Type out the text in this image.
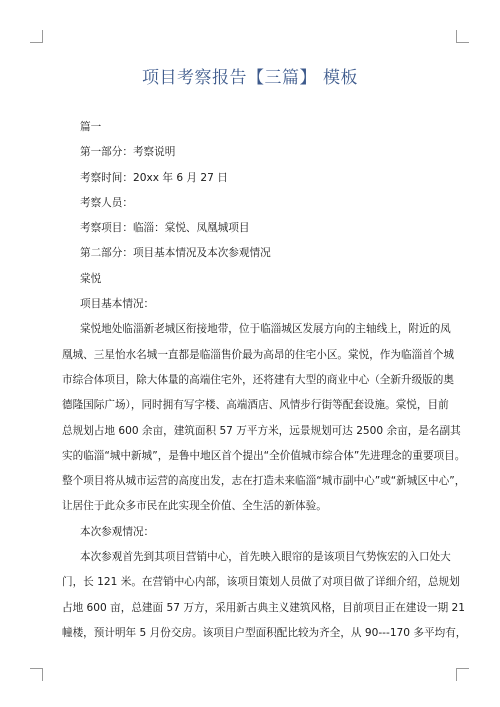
项目考察报告【三篇】 模板

篇一

第一部分：考察说明

考察时间：20xx 年 6 月 27 日

考察人员：

考察项目：临淄：棠悦、凤凰城项目

第二部分：项目基本情况及本次参观情况

棠悦

项目基本情况：

棠悦地处临淄新老城区衔接地带，位于临淄城区发展方向的主轴线上，附近的凤

凰城、三星怡水名城一直都是临淄售价最为高昂的住宅小区。棠悦，作为临淄首个城

市综合体项目，除大体量的高端住宅外，还将建有大型的商业中心（全新升级版的奥

德隆国际广场），同时拥有写字楼、高端酒店、风情步行街等配套设施。棠悦，目前

总规划占地 600 余亩，建筑面积 57 万平方米，远景规划可达 2500 余亩，是名副其

实的临淄“城中新城”，是鲁中地区首个提出“全价值城市综合体”先进理念的重要项目。

整个项目将从城市运营的高度出发，志在打造未来临淄“城市副中心”或“新城区中心”，

让居住于此众多市民在此实现全价值、全生活的新体验。

本次参观情况：

本次参观首先到其项目营销中心，首先映入眼帘的是该项目气势恢宏的入口处大

门，长 121 米。在营销中心内部，该项目策划人员做了对项目做了详细介绍，总规划

占地 600 亩，总建面 57 万方，采用新古典主义建筑风格，目前项目正在建设一期 21

幢楼，预计明年 5 月份交房。该项目户型面积配比较为齐全，从 90---170 多平均有，
